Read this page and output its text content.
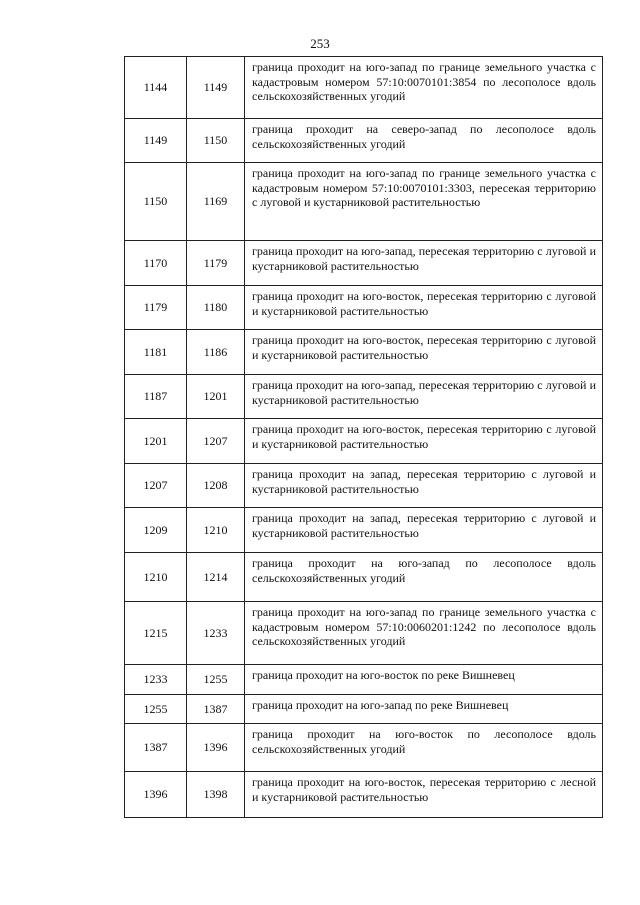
253
1144	1149	граница проходит на юго-запад по границе земельного участка с кадастровым номером 57:10:0070101:3854 по лесополосе вдоль сельскохозяйственных угодий
1149	1150	граница проходит на северо-запад по лесополосе вдоль сельскохозяйственных угодий
1150	1169	граница проходит на юго-запад по границе земельного участка с кадастровым номером 57:10:0070101:3303, пересекая территорию с луговой и кустарниковой растительностью
1170	1179	граница проходит на юго-запад, пересекая территорию с луговой и кустарниковой растительностью
1179	1180	граница проходит на юго-восток, пересекая территорию с луговой и кустарниковой растительностью
1181	1186	граница проходит на юго-восток, пересекая территорию с луговой и кустарниковой растительностью
1187	1201	граница проходит на юго-запад, пересекая территорию с луговой и кустарниковой растительностью
1201	1207	граница проходит на юго-восток, пересекая территорию с луговой и кустарниковой растительностью
1207	1208	граница проходит на запад, пересекая территорию с луговой и кустарниковой растительностью
1209	1210	граница проходит на запад, пересекая территорию с луговой и кустарниковой растительностью
1210	1214	граница проходит на юго-запад по лесополосе вдоль сельскохозяйственных угодий
1215	1233	граница проходит на юго-запад по границе земельного участка с кадастровым номером 57:10:0060201:1242 по лесополосе вдоль сельскохозяйственных угодий
1233	1255	граница проходит на юго-восток по реке Вишневец
1255	1387	граница проходит на юго-запад по реке Вишневец
1387	1396	граница проходит на юго-восток по лесополосе вдоль сельскохозяйственных угодий
1396	1398	граница проходит на юго-восток, пересекая территорию с лесной и кустарниковой растительностью
